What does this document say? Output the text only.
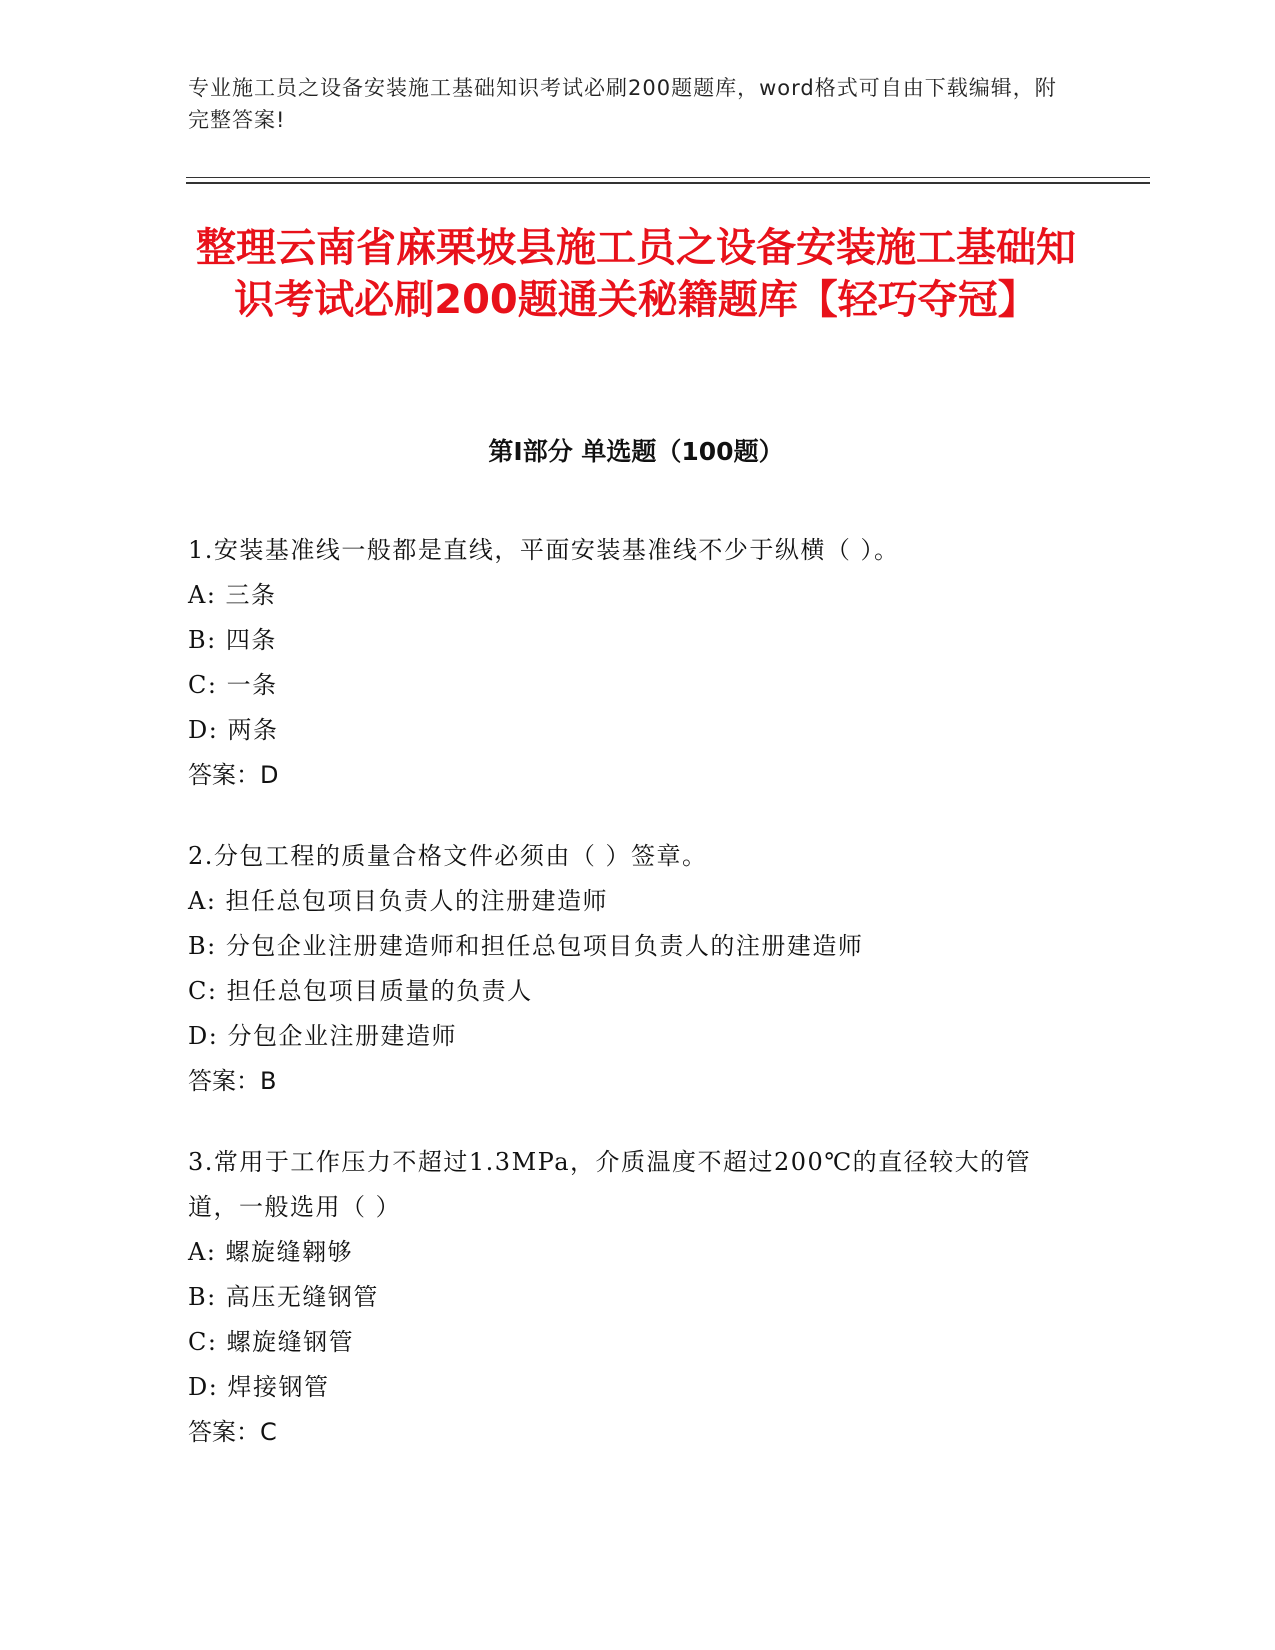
专业施工员之设备安装施工基础知识考试必刷200题题库，word格式可自由下载编辑，附完整答案!
整理云南省麻栗坡县施工员之设备安装施工基础知识考试必刷200题通关秘籍题库【轻巧夺冠】
第I部分 单选题（100题）

1.安装基准线一般都是直线，平面安装基准线不少于纵横（ ）。

A: 三条

B: 四条

C: 一条

D: 两条

答案：D

2.分包工程的质量合格文件必须由（ ）签章。

A: 担任总包项目负责人的注册建造师

B: 分包企业注册建造师和担任总包项目负责人的注册建造师

C: 担任总包项目质量的负责人

D: 分包企业注册建造师

答案：B

3.常用于工作压力不超过1.3MPa，介质温度不超过200℃的直径较大的管道，一般选用（ ）

A: 螺旋缝翱够

B: 高压无缝钢管

C: 螺旋缝钢管

D: 焊接钢管

答案：C
